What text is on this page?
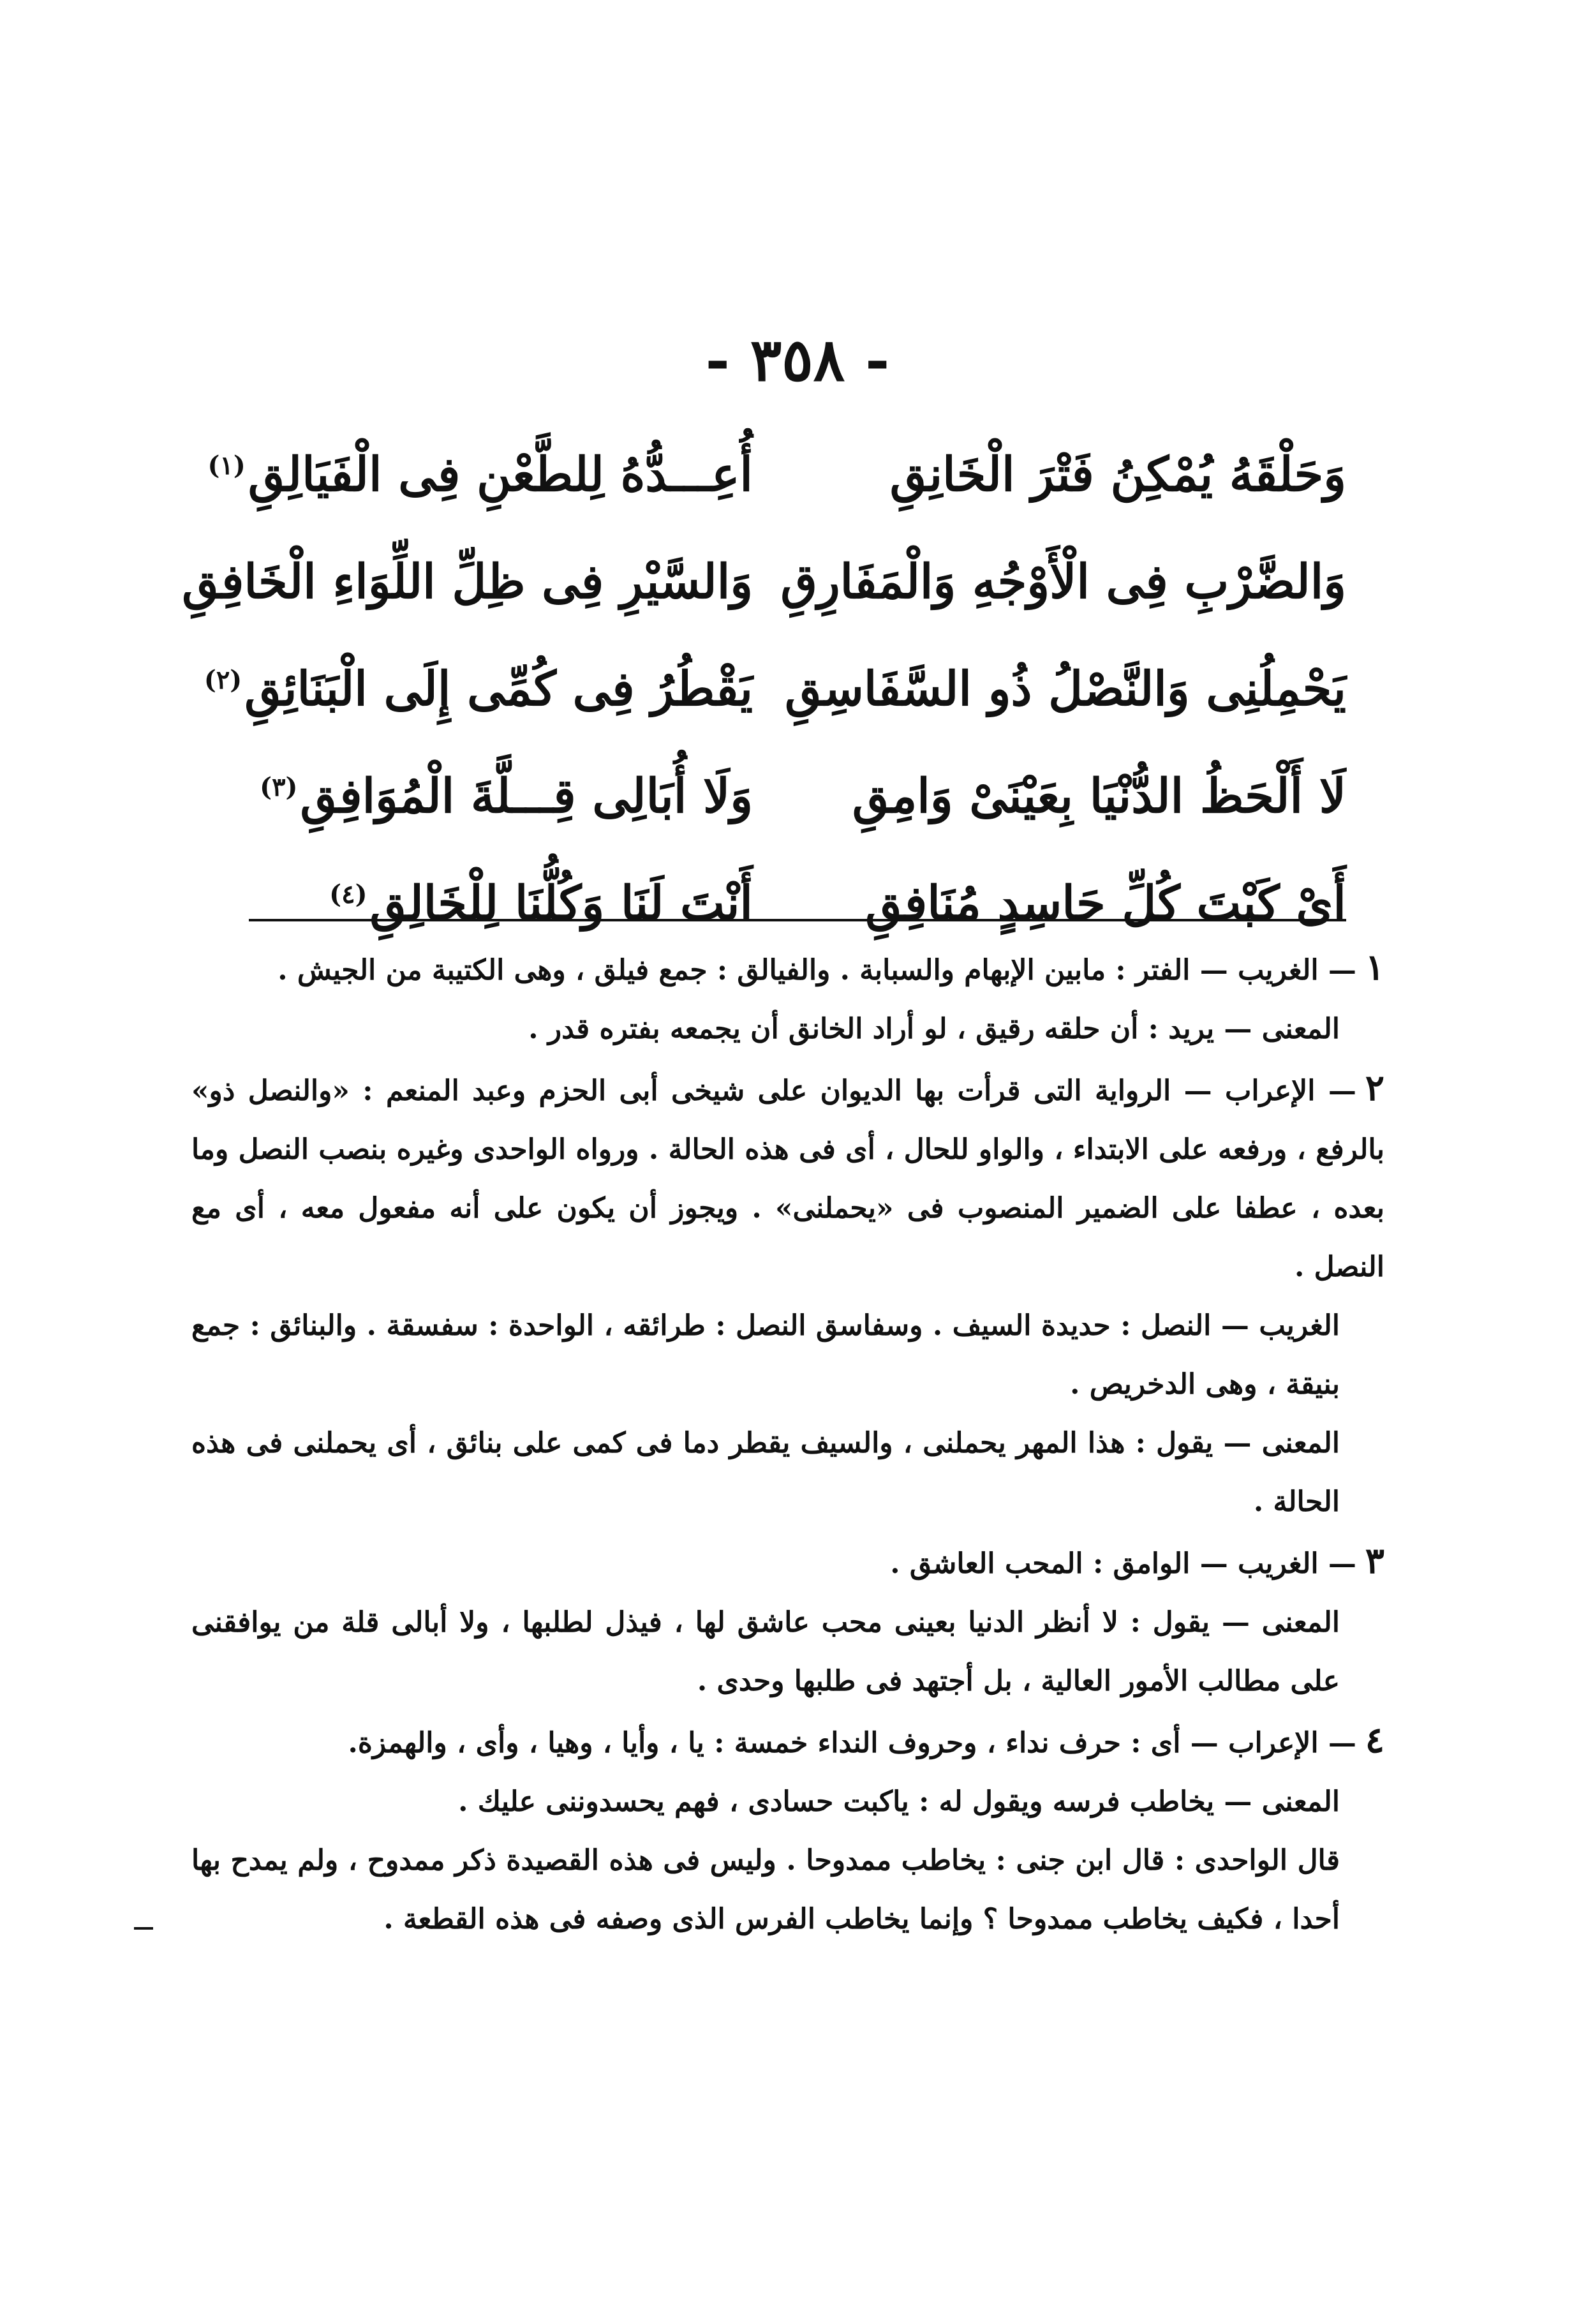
- ٣٥٨ -
وَحَلْقَهُ يُمْكِنُ فَتْرَ الْخَانِقِ
أُعِـــدُّهُ لِلطَّعْنِ فِى الْفَيَالِقِ$^{(١)}$
وَالضَّرْبِ فِى الْأَوْجُهِ وَالْمَفَارِقِ
وَالسَّيْرِ فِى ظِلِّ اللِّوَاءِ الْخَافِقِ
يَحْمِلُنِى وَالنَّصْلُ ذُو السَّفَاسِقِ
يَقْطُرُ فِى كُمِّى إِلَى الْبَنَائِقِ$^{(٢)}$
لَا أَلْحَظُ الدُّنْيَا بِعَيْنَىْ وَامِقِ
وَلَا أُبَالِى قِـــلَّةَ الْمُوَافِقِ$^{(٣)}$
أَىْ كَبْتَ كُلِّ حَاسِدٍ مُنَافِقِ
أَنْتَ لَنَا وَكُلُّنَا لِلْخَالِقِ$^{(٤)}$

١— الغريب — الفتر : مابين الإبهام والسبابة . والفيالق : جمع فيلق ، وهى الكتيبة من الجيش .

المعنى — يريد : أن حلقه رقيق ، لو أراد الخانق أن يجمعه بفتره قدر .

٢— الإعراب — الرواية التى قرأت بها الديوان على شيخى أبى الحزم وعبد المنعم : «والنصل ذو» بالرفع ، ورفعه على الابتداء ، والواو للحال ، أى فى هذه الحالة . ورواه الواحدى وغيره بنصب النصل وما بعده ، عطفا على الضمير المنصوب فى «يحملنى» . ويجوز أن يكون على أنه مفعول معه ، أى مع النصل .

الغريب — النصل : حديدة السيف . وسفاسق النصل : طرائقه ، الواحدة : سفسقة . والبنائق : جمع بنيقة ، وهى الدخريص .

المعنى — يقول : هذا المهر يحملنى ، والسيف يقطر دما فى كمى على بنائق ، أى يحملنى فى هذه الحالة .

٣— الغريب — الوامق : المحب العاشق .

المعنى — يقول : لا أنظر الدنيا بعينى محب عاشق لها ، فيذل لطلبها ، ولا أبالى قلة من يوافقنى على مطالب الأمور العالية ، بل أجتهد فى طلبها وحدى .

٤— الإعراب — أى : حرف نداء ، وحروف النداء خمسة : يا ، وأيا ، وهيا ، وأى ، والهمزة.

المعنى — يخاطب فرسه ويقول له : ياكبت حسادى ، فهم يحسدوننى عليك .

قال الواحدى : قال ابن جنى : يخاطب ممدوحا . وليس فى هذه القصيدة ذكر ممدوح ، ولم يمدح بها أحدا ، فكيف يخاطب ممدوحا ؟ وإنما يخاطب الفرس الذى وصفه فى هذه القطعة .
